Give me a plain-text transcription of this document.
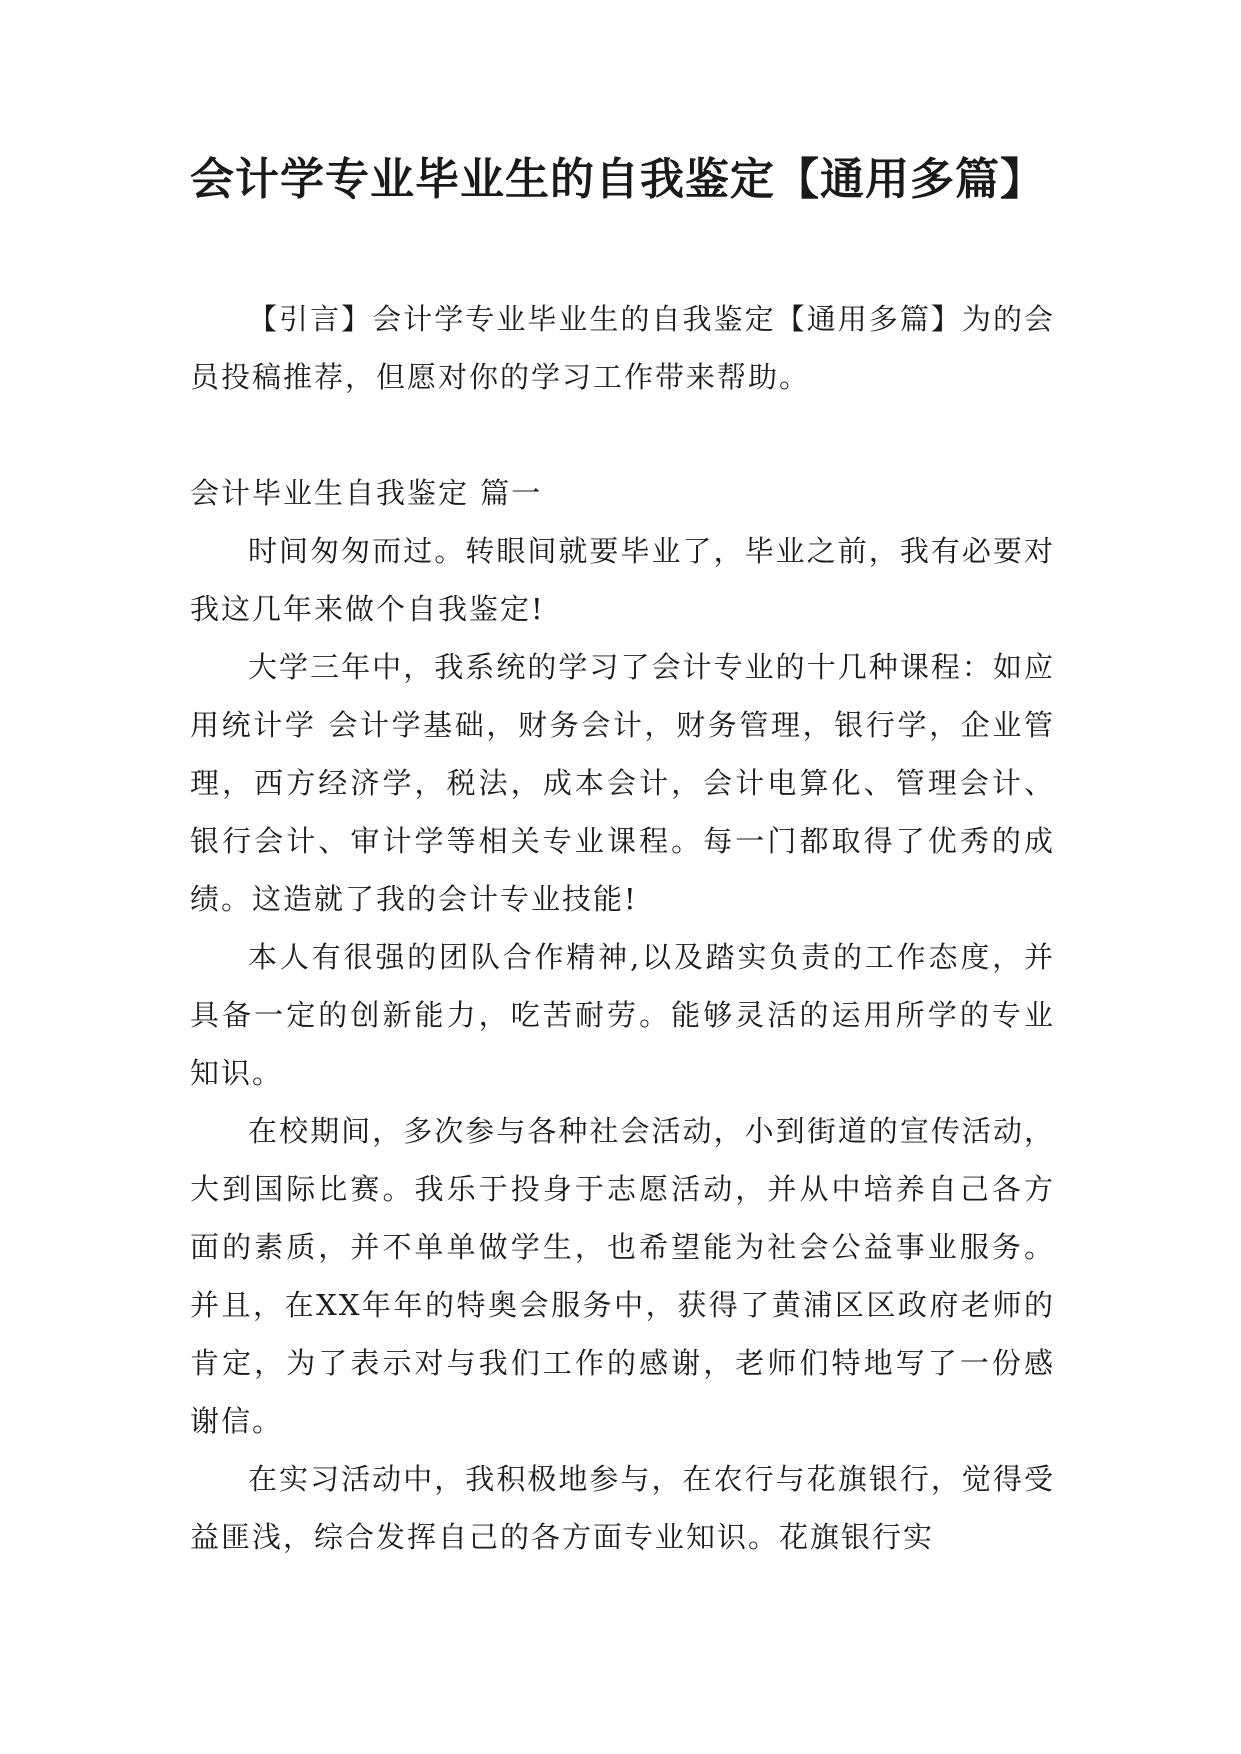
会计学专业毕业生的自我鉴定【通用多篇】

【引言】会计学专业毕业生的自我鉴定【通用多篇】为的会员投稿推荐，但愿对你的学习工作带来帮助。

会计毕业生自我鉴定 篇一

时间匆匆而过。转眼间就要毕业了，毕业之前，我有必要对我这几年来做个自我鉴定!

大学三年中，我系统的学习了会计专业的十几种课程：如应用统计学 会计学基础，财务会计，财务管理，银行学，企业管理，西方经济学，税法，成本会计，会计电算化、管理会计、银行会计、审计学等相关专业课程。每一门都取得了优秀的成绩。这造就了我的会计专业技能!

本人有很强的团队合作精神,以及踏实负责的工作态度，并具备一定的创新能力，吃苦耐劳。能够灵活的运用所学的专业知识。

在校期间，多次参与各种社会活动，小到街道的宣传活动，大到国际比赛。我乐于投身于志愿活动，并从中培养自己各方面的素质，并不单单做学生，也希望能为社会公益事业服务。并且，在XX年年的特奥会服务中，获得了黄浦区区政府老师的肯定，为了表示对与我们工作的感谢，老师们特地写了一份感谢信。

在实习活动中，我积极地参与，在农行与花旗银行，觉得受益匪浅，综合发挥自己的各方面专业知识。花旗银行实
